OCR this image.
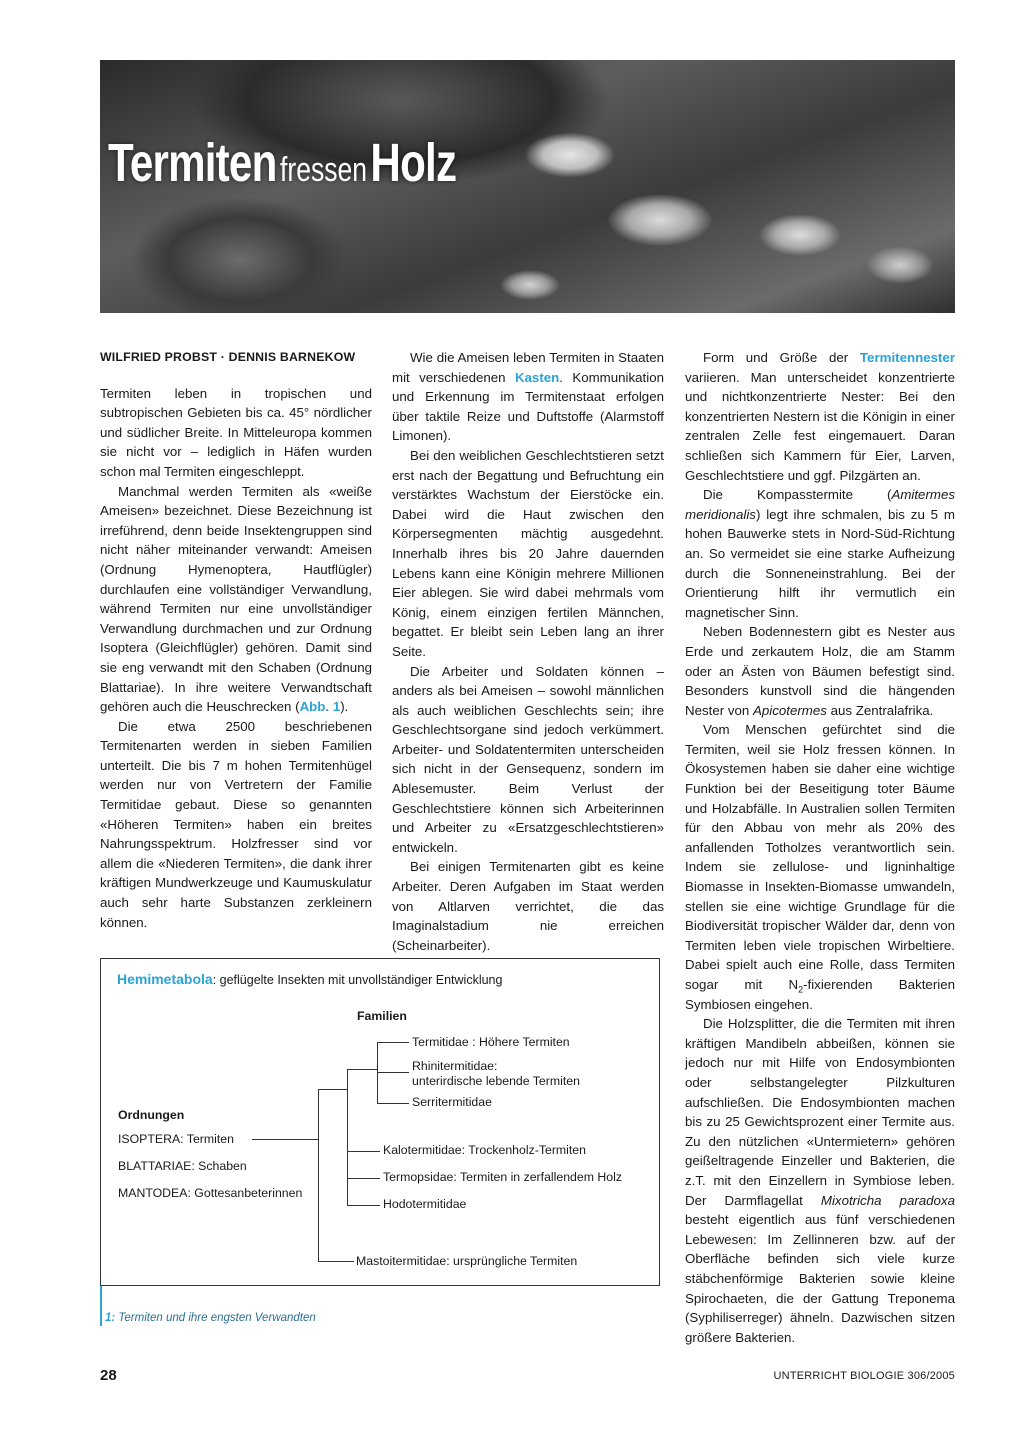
Termiten fressen Holz
WILFRIED PROBST · DENNIS BARNEKOW

Termiten leben in tropischen und subtropischen Gebieten bis ca. 45° nördlicher und südlicher Breite. In Mitteleuropa kommen sie nicht vor – lediglich in Häfen wurden schon mal Termiten eingeschleppt.

Manchmal werden Termiten als «weiße Ameisen» bezeichnet. Diese Bezeichnung ist irreführend, denn beide Insektengruppen sind nicht näher miteinander verwandt: Ameisen (Ordnung Hymenoptera, Hautflügler) durchlaufen eine vollständiger Verwandlung, während Termiten nur eine unvollständiger Verwandlung durchmachen und zur Ordnung Isoptera (Gleichflügler) gehören. Damit sind sie eng verwandt mit den Schaben (Ordnung Blattariae). In ihre weitere Verwandtschaft gehören auch die Heuschrecken (Abb. 1).

Die etwa 2500 beschriebenen Termitenarten werden in sieben Familien unterteilt. Die bis 7 m hohen Termitenhügel werden nur von Vertretern der Familie Termitidae gebaut. Diese so genannten «Höheren Termiten» haben ein breites Nahrungsspektrum. Holzfresser sind vor allem die «Niederen Termiten», die dank ihrer kräftigen Mundwerkzeuge und Kaumuskulatur auch sehr harte Substanzen zerkleinern können.

Wie die Ameisen leben Termiten in Staaten mit verschiedenen Kasten. Kommunikation und Erkennung im Termitenstaat erfolgen über taktile Reize und Duftstoffe (Alarmstoff Limonen).

Bei den weiblichen Geschlechtstieren setzt erst nach der Begattung und Befruchtung ein verstärktes Wachstum der Eierstöcke ein. Dabei wird die Haut zwischen den Körpersegmenten mächtig ausgedehnt. Innerhalb ihres bis 20 Jahre dauernden Lebens kann eine Königin mehrere Millionen Eier ablegen. Sie wird dabei mehrmals vom König, einem einzigen fertilen Männchen, begattet. Er bleibt sein Leben lang an ihrer Seite.

Die Arbeiter und Soldaten können – anders als bei Ameisen – sowohl männlichen als auch weiblichen Geschlechts sein; ihre Geschlechtsorgane sind jedoch verkümmert. Arbeiter- und Soldatentermiten unterscheiden sich nicht in der Gensequenz, sondern im Ablesemuster. Beim Verlust der Geschlechtstiere können sich Arbeiterinnen und Arbeiter zu «Ersatzgeschlechtstieren» entwickeln.

Bei einigen Termitenarten gibt es keine Arbeiter. Deren Aufgaben im Staat werden von Altlarven verrichtet, die das Imaginalstadium nie erreichen (Scheinarbeiter).

Form und Größe der Termitennester variieren. Man unterscheidet konzentrierte und nichtkonzentrierte Nester: Bei den konzentrierten Nestern ist die Königin in einer zentralen Zelle fest eingemauert. Daran schließen sich Kammern für Eier, Larven, Geschlechtstiere und ggf. Pilzgärten an.

Die Kompasstermite (Amitermes meridionalis) legt ihre schmalen, bis zu 5 m hohen Bauwerke stets in Nord-Süd-Richtung an. So vermeidet sie eine starke Aufheizung durch die Sonneneinstrahlung. Bei der Orientierung hilft ihr vermutlich ein magnetischer Sinn.

Neben Bodennestern gibt es Nester aus Erde und zerkautem Holz, die am Stamm oder an Ästen von Bäumen befestigt sind. Besonders kunstvoll sind die hängenden Nester von Apicotermes aus Zentralafrika.

Vom Menschen gefürchtet sind die Termiten, weil sie Holz fressen können. In Ökosystemen haben sie daher eine wichtige Funktion bei der Beseitigung toter Bäume und Holzabfälle. In Australien sollen Termiten für den Abbau von mehr als 20% des anfallenden Totholzes verantwortlich sein. Indem sie zellulose- und ligninhaltige Biomasse in Insekten-Biomasse umwandeln, stellen sie eine wichtige Grundlage für die Biodiversität tropischer Wälder dar, denn von Termiten leben viele tropischen Wirbeltiere. Dabei spielt auch eine Rolle, dass Termiten sogar mit $N_2$-fixierenden Bakterien Symbiosen eingehen.

Die Holzsplitter, die die Termiten mit ihren kräftigen Mandibeln abbeißen, können sie jedoch nur mit Hilfe von Endosymbionten oder selbstangelegter Pilzkulturen aufschließen. Die Endosymbionten machen bis zu 25 Gewichtsprozent einer Termite aus. Zu den nützlichen «Untermietern» gehören geißeltragende Einzeller und Bakterien, die z.T. mit den Einzellern in Symbiose leben. Der Darmflagellat Mixotricha paradoxa besteht eigentlich aus fünf verschiedenen Lebewesen: Im Zellinneren bzw. auf der Oberfläche befinden sich viele kurze stäbchenförmige Bakterien sowie kleine Spirochaeten, die der Gattung Treponema (Syphiliserreger) ähneln. Dazwischen sitzen größere Bakterien.

Hemimetabola: geflügelte Insekten mit unvollständiger Entwicklung
Familien
Ordnungen
ISOPTERA: Termiten
BLATTARIAE: Schaben
MANTODEA: Gottesanbeterinnen
Termitidae : Höhere Termiten
Rhinitermitidae:
unterirdische lebende Termiten
Serritermitidae
Kalotermitidae: Trockenholz-Termiten
Termopsidae: Termiten in zerfallendem Holz
Hodotermitidae
Mastoitermitidae: ursprüngliche Termiten
1: Termiten und ihre engsten Verwandten
28	UNTERRICHT BIOLOGIE 306/2005
